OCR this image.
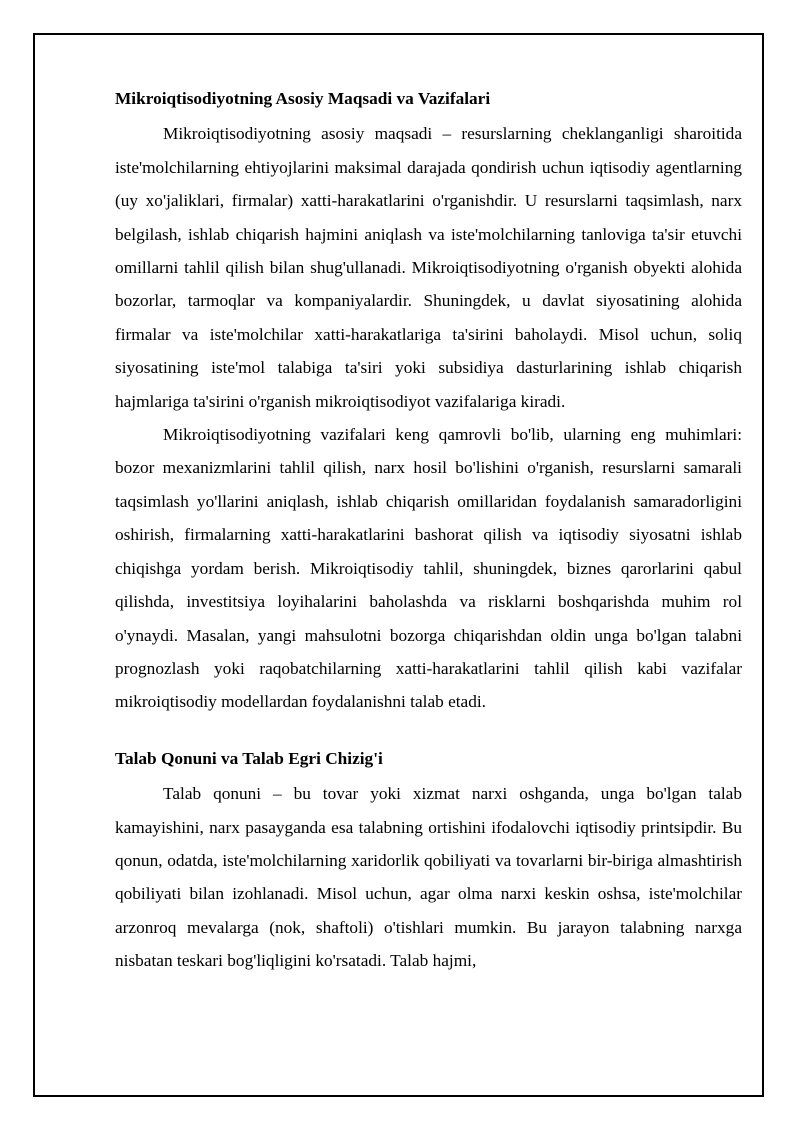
Mikroiqtisodiyotning Asosiy Maqsadi va Vazifalari

Mikroiqtisodiyotning asosiy maqsadi – resurslarning cheklanganligi sharoitida iste'molchilarning ehtiyojlarini maksimal darajada qondirish uchun iqtisodiy agentlarning (uy xo'jaliklari, firmalar) xatti-harakatlarini o'rganishdir. U resurslarni taqsimlash, narx belgilash, ishlab chiqarish hajmini aniqlash va iste'molchilarning tanloviga ta'sir etuvchi omillarni tahlil qilish bilan shug'ullanadi. Mikroiqtisodiyotning o'rganish obyekti alohida bozorlar, tarmoqlar va kompaniyalardir. Shuningdek, u davlat siyosatining alohida firmalar va iste'molchilar xatti-harakatlariga ta'sirini baholaydi. Misol uchun, soliq siyosatining iste'mol talabiga ta'siri yoki subsidiya dasturlarining ishlab chiqarish hajmlariga ta'sirini o'rganish mikroiqtisodiyot vazifalariga kiradi.

Mikroiqtisodiyotning vazifalari keng qamrovli bo'lib, ularning eng muhimlari: bozor mexanizmlarini tahlil qilish, narx hosil bo'lishini o'rganish, resurslarni samarali taqsimlash yo'llarini aniqlash, ishlab chiqarish omillaridan foydalanish samaradorligini oshirish, firmalarning xatti-harakatlarini bashorat qilish va iqtisodiy siyosatni ishlab chiqishga yordam berish. Mikroiqtisodiy tahlil, shuningdek, biznes qarorlarini qabul qilishda, investitsiya loyihalarini baholashda va risklarni boshqarishda muhim rol o'ynaydi. Masalan, yangi mahsulotni bozorga chiqarishdan oldin unga bo'lgan talabni prognozlash yoki raqobatchilarning xatti-harakatlarini tahlil qilish kabi vazifalar mikroiqtisodiy modellardan foydalanishni talab etadi.

Talab Qonuni va Talab Egri Chizig'i

Talab qonuni – bu tovar yoki xizmat narxi oshganda, unga bo'lgan talab kamayishini, narx pasayganda esa talabning ortishini ifodalovchi iqtisodiy printsipdir. Bu qonun, odatda, iste'molchilarning xaridorlik qobiliyati va tovarlarni bir-biriga almashtirish qobiliyati bilan izohlanadi. Misol uchun, agar olma narxi keskin oshsa, iste'molchilar arzonroq mevalarga (nok, shaftoli) o'tishlari mumkin. Bu jarayon talabning narxga nisbatan teskari bog'liqligini ko'rsatadi. Talab hajmi,
